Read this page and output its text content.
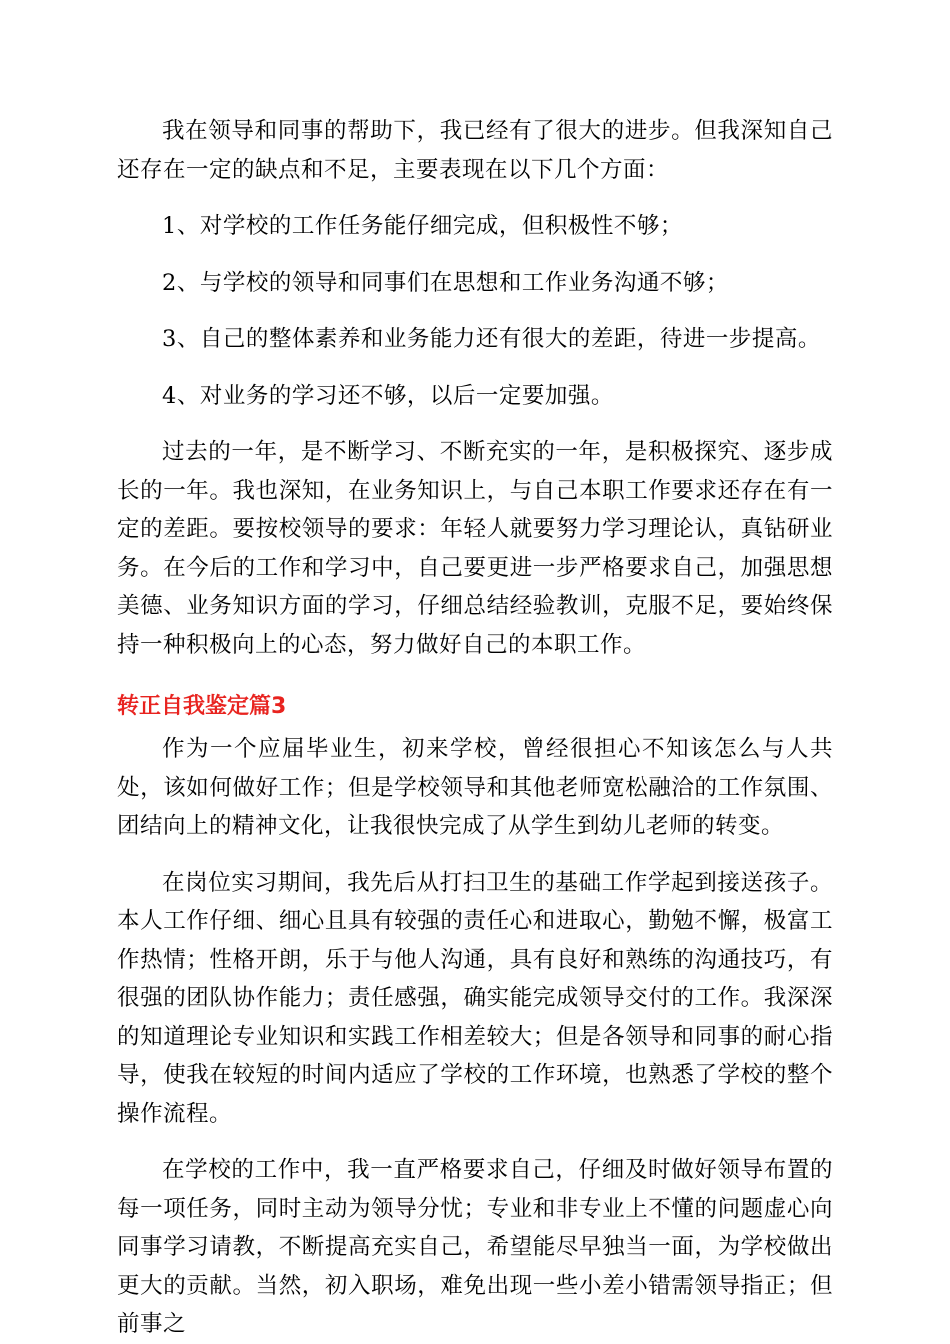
我在领导和同事的帮助下，我已经有了很大的进步。但我深知自己还存在一定的缺点和不足，主要表现在以下几个方面：

1、对学校的工作任务能仔细完成，但积极性不够；

2、与学校的领导和同事们在思想和工作业务沟通不够；

3、自己的整体素养和业务能力还有很大的差距，待进一步提高。

4、对业务的学习还不够，以后一定要加强。

过去的一年，是不断学习、不断充实的一年，是积极探究、逐步成长的一年。我也深知，在业务知识上，与自己本职工作要求还存在有一定的差距。要按校领导的要求：年轻人就要努力学习理论认，真钻研业务。在今后的工作和学习中，自己要更进一步严格要求自己，加强思想美德、业务知识方面的学习，仔细总结经验教训，克服不足，要始终保持一种积极向上的心态，努力做好自己的本职工作。

转正自我鉴定篇3

作为一个应届毕业生，初来学校，曾经很担心不知该怎么与人共处，该如何做好工作；但是学校领导和其他老师宽松融洽的工作氛围、团结向上的精神文化，让我很快完成了从学生到幼儿老师的转变。

在岗位实习期间，我先后从打扫卫生的基础工作学起到接送孩子。本人工作仔细、细心且具有较强的责任心和进取心，勤勉不懈，极富工作热情；性格开朗，乐于与他人沟通，具有良好和熟练的沟通技巧，有很强的团队协作能力；责任感强，确实能完成领导交付的工作。我深深的知道理论专业知识和实践工作相差较大；但是各领导和同事的耐心指导，使我在较短的时间内适应了学校的工作环境，也熟悉了学校的整个操作流程。

在学校的工作中，我一直严格要求自己，仔细及时做好领导布置的每一项任务，同时主动为领导分忧；专业和非专业上不懂的问题虚心向同事学习请教，不断提高充实自己，希望能尽早独当一面，为学校做出更大的贡献。当然，初入职场，难免出现一些小差小错需领导指正；但前事之
